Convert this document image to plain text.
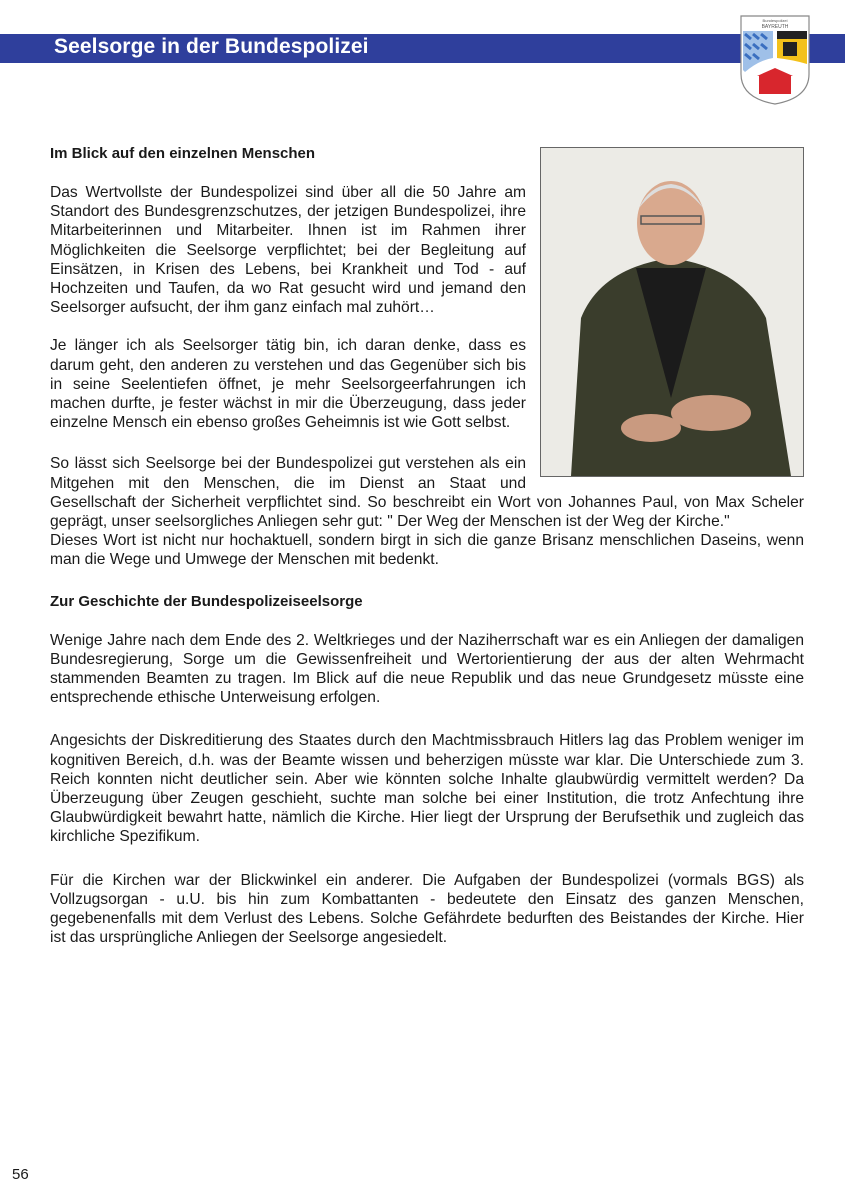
Seelsorge in der Bundespolizei
Bundespolizei
BAYREUTH
Im Blick auf den einzelnen Menschen

Das Wertvollste der Bundespolizei sind über all die 50 Jahre am Standort des Bundesgrenzschutzes, der jetzigen Bundespolizei, ihre Mitarbeiterinnen und Mitarbeiter. Ihnen ist im Rahmen ihrer Möglichkeiten die Seelsorge verpflichtet; bei der Begleitung auf Einsätzen, in Krisen des Lebens, bei Krankheit und Tod - auf Hochzeiten und Taufen, da wo Rat gesucht wird und jemand den Seelsorger aufsucht, der ihm ganz einfach mal zuhört…

Je länger ich als Seelsorger tätig bin, ich daran denke, dass es darum geht, den anderen zu verstehen und das Gegenüber sich bis in seine Seelentiefen öffnet, je mehr Seelsorgeerfahrungen ich machen durfte, je fester wächst in mir die Überzeugung, dass jeder einzelne Mensch ein ebenso großes Geheimnis ist wie Gott selbst.

So lässt sich Seelsorge bei der Bundespolizei gut verstehen als ein Mitgehen mit den Menschen, die im Dienst an Staat und Gesellschaft der Sicherheit verpflichtet sind. So beschreibt ein Wort von Johannes Paul, von Max Scheler geprägt, unser seelsorgliches Anliegen sehr gut: " Der Weg der Menschen ist der Weg der Kirche."

Dieses Wort ist nicht nur hochaktuell, sondern birgt in sich die ganze Brisanz menschlichen Daseins, wenn man die Wege und Umwege der Menschen mit bedenkt.

Zur Geschichte der Bundespolizeiseelsorge

Wenige Jahre nach dem Ende des 2. Weltkrieges und der Naziherrschaft war es ein Anliegen der damaligen Bundesregierung, Sorge um die Gewissenfreiheit und Wertorientierung der aus der alten Wehrmacht stammenden Beamten zu tragen. Im Blick auf die neue Republik und das neue Grundgesetz müsste eine entsprechende ethische Unterweisung erfolgen.

Angesichts der Diskreditierung des Staates durch den Machtmissbrauch Hitlers lag das Problem weniger im kognitiven Bereich, d.h. was der Beamte wissen und beherzigen müsste war klar. Die Unterschiede zum 3. Reich konnten nicht deutlicher sein. Aber wie könnten solche Inhalte glaubwürdig vermittelt werden? Da Überzeugung über Zeugen geschieht, suchte man solche bei einer Institution, die trotz Anfechtung ihre Glaubwürdigkeit bewahrt hatte, nämlich die Kirche. Hier liegt der Ursprung der Berufsethik und zugleich das kirchliche Spezifikum.

Für die Kirchen war der Blickwinkel ein anderer. Die Aufgaben der Bundespolizei (vormals BGS) als Vollzugsorgan - u.U. bis hin zum Kombattanten - bedeutete den Einsatz des ganzen Menschen, gegebenenfalls mit dem Verlust des Lebens. Solche Gefährdete bedurften des Beistandes der Kirche. Hier ist das ursprüngliche Anliegen der Seelsorge angesiedelt.

56
